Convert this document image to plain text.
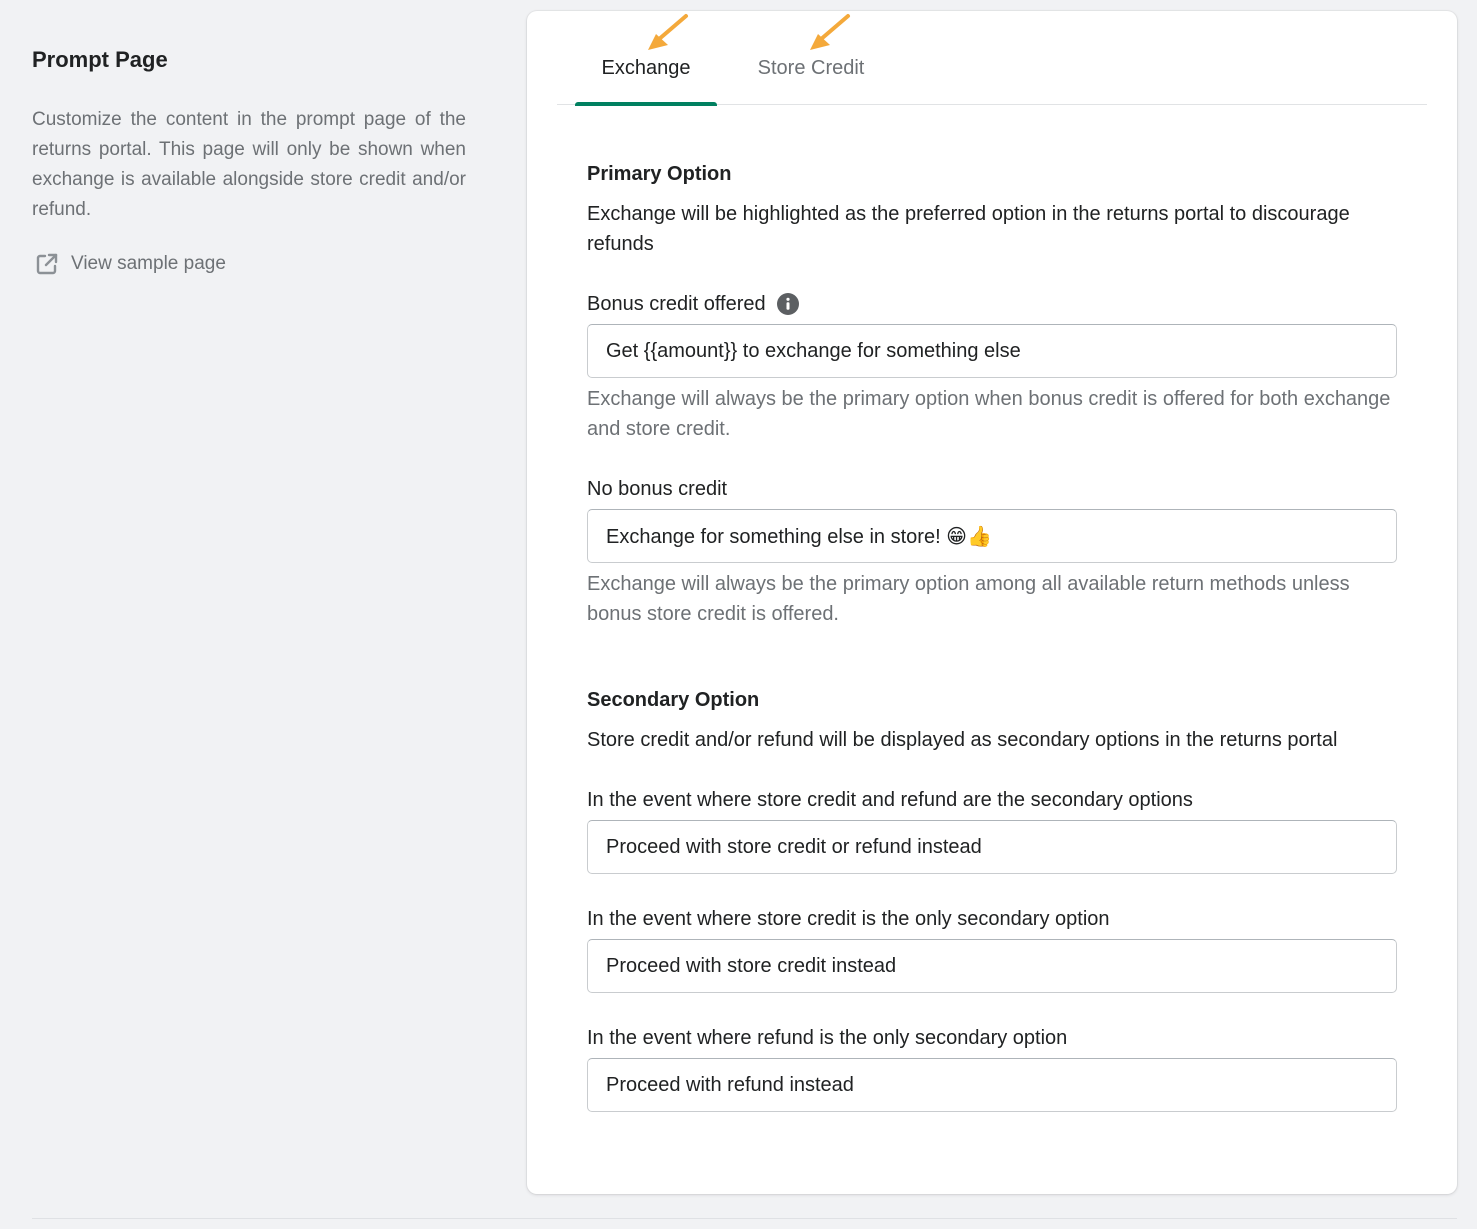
Prompt Page
Customize the content in the prompt page of the returns portal. This page will only be shown when exchange is available alongside store credit and/or refund.
View sample page
Exchange	Store Credit
Primary Option
Exchange will be highlighted as the preferred option in the returns portal to discourage refunds
Bonus credit offered
Get {{amount}} to exchange for something else
Exchange will always be the primary option when bonus credit is offered for both exchange and store credit.
No bonus credit
Exchange for something else in store! 😁👍
Exchange will always be the primary option among all available return methods unless bonus store credit is offered.
Secondary Option
Store credit and/or refund will be displayed as secondary options in the returns portal
In the event where store credit and refund are the secondary options
Proceed with store credit or refund instead
In the event where store credit is the only secondary option
Proceed with store credit instead
In the event where refund is the only secondary option
Proceed with refund instead
